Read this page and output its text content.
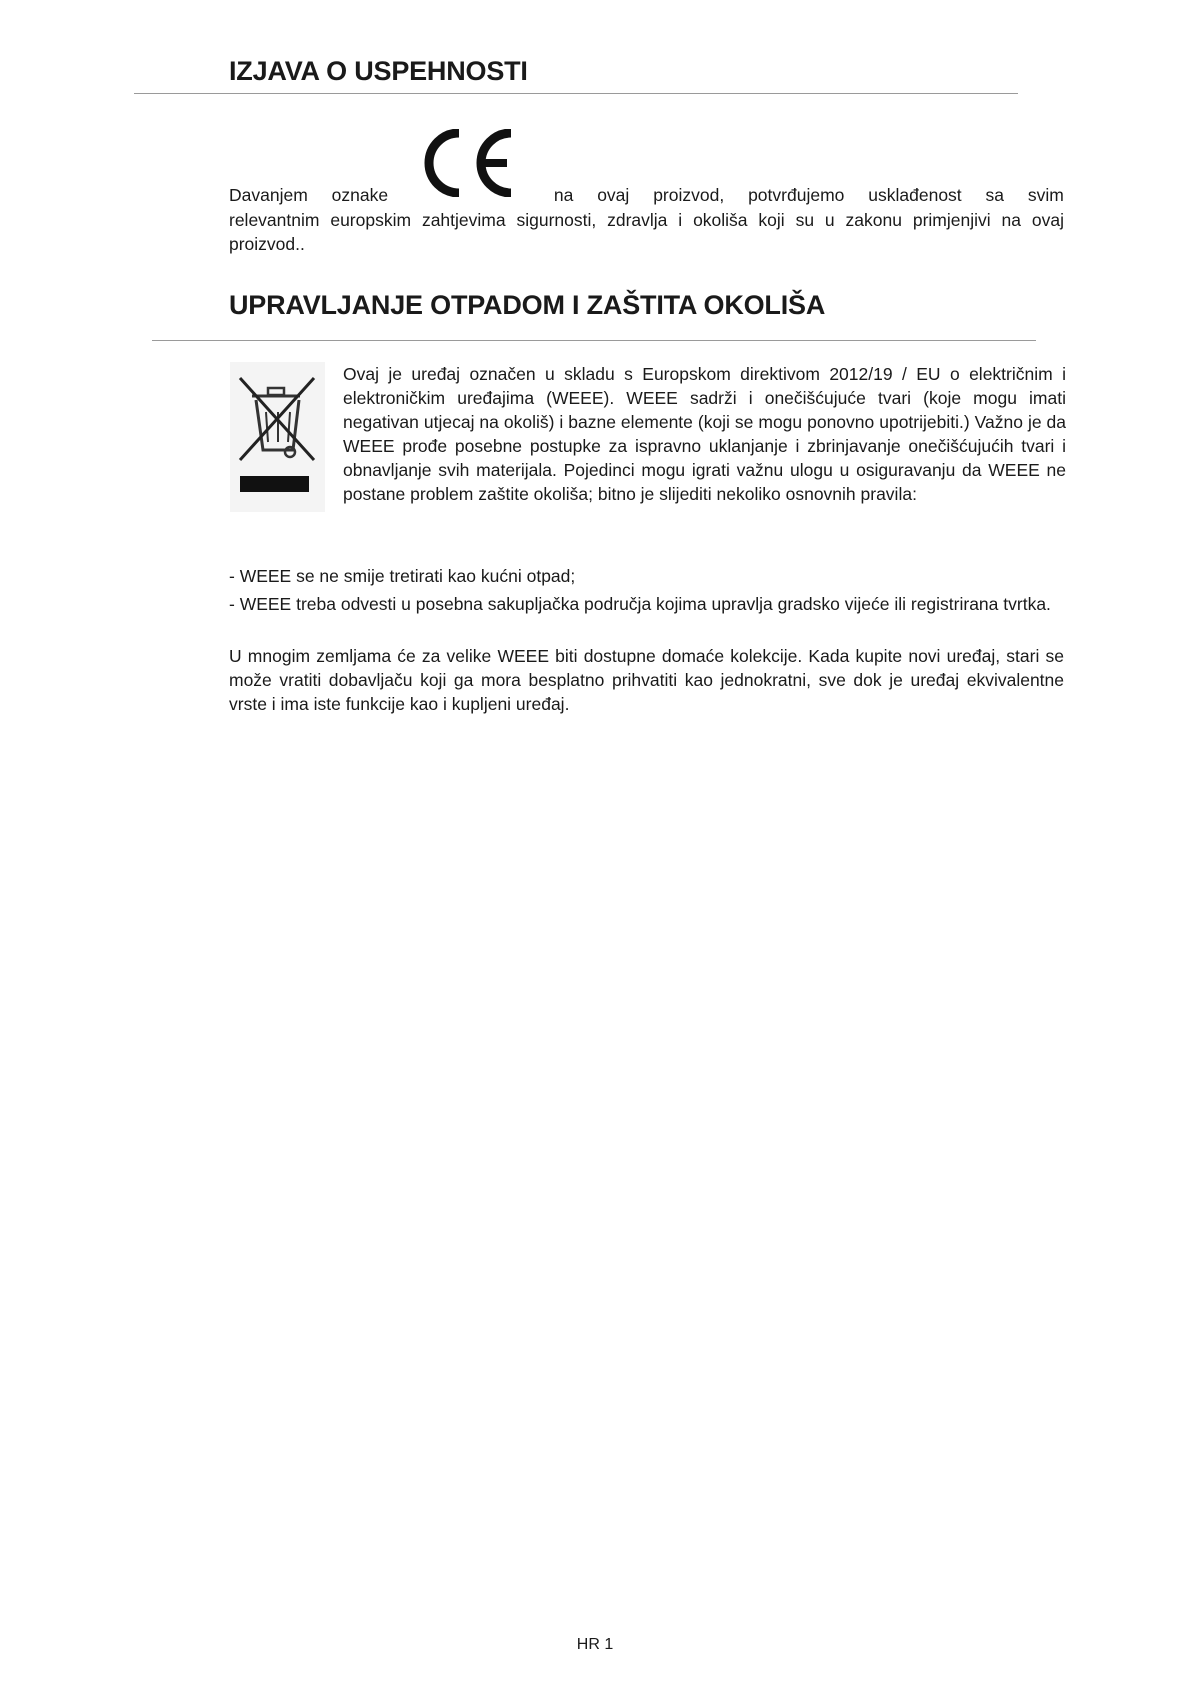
IZJAVA O USPEHNOSTI
Davanjem oznake	na ovaj proizvod, potvrđujemo usklađenost sa svim

relevantnim europskim zahtjevima sigurnosti, zdravlja i okoliša koji su u zakonu primjenjivi na ovaj proizvod..

UPRAVLJANJE OTPADOM I ZAŠTITA OKOLIŠA

Ovaj je uređaj označen u skladu s Europskom direktivom 2012/19 / EU o električnim i elektroničkim uređajima (WEEE). WEEE sadrži i onečišćujuće tvari (koje mogu imati negativan utjecaj na okoliš) i bazne elemente (koji se mogu ponovno upotrijebiti.) Važno je da WEEE prođe posebne postupke za ispravno uklanjanje i zbrinjavanje onečišćujućih tvari i obnavljanje svih materijala. Pojedinci mogu igrati važnu ulogu u osiguravanju da WEEE ne postane problem zaštite okoliša; bitno je slijediti nekoliko osnovnih pravila:

- WEEE se ne smije tretirati kao kućni otpad;

- WEEE treba odvesti u posebna sakupljačka područja kojima upravlja gradsko vijeće ili registrirana tvrtka.

U mnogim zemljama će za velike WEEE biti dostupne domaće kolekcije. Kada kupite novi uređaj, stari se može vratiti dobavljaču koji ga mora besplatno prihvatiti kao jednokratni, sve dok je uređaj ekvivalentne vrste i ima iste funkcije kao i kupljeni uređaj.

HR 1
